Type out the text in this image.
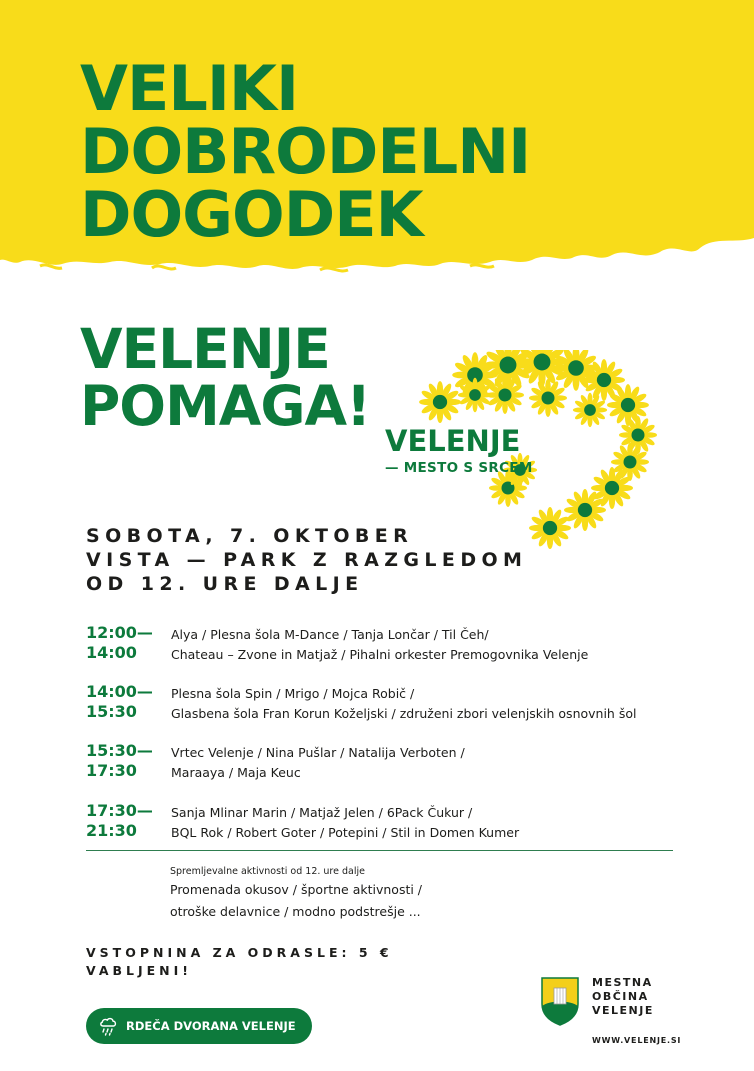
VELIKI
DOBRODELNI
DOGODEK
VELENJE
POMAGA!
VELENJE
— MESTO S SRCEM
SOBOTA, 7. OKTOBER
VISTA — PARK Z RAZGLEDOM
OD 12. URE DALJE
12:00—
14:00
Alya / Plesna šola M-Dance / Tanja Lončar / Til Čeh/
Chateau – Zvone in Matjaž / Pihalni orkester Premogovnika Velenje
14:00—
15:30
Plesna šola Spin / Mrigo / Mojca Robič /
Glasbena šola Fran Korun Koželjski / združeni zbori velenjskih osnovnih šol
15:30—
17:30
Vrtec Velenje / Nina Pušlar / Natalija Verboten /
Maraaya / Maja Keuc
17:30—
21:30
Sanja Mlinar Marin / Matjaž Jelen / 6Pack Čukur /
BQL Rok / Robert Goter / Potepini / Stil in Domen Kumer
Spremljevalne aktivnosti od 12. ure dalje
Promenada okusov / športne aktivnosti /
otroške delavnice / modno podstrešje ...
VSTOPNINA ZA ODRASLE: 5 €
VABLJENI!
RDEČA DVORANA VELENJE
MESTNA
OBČINA
VELENJE
WWW.VELENJE.SI
